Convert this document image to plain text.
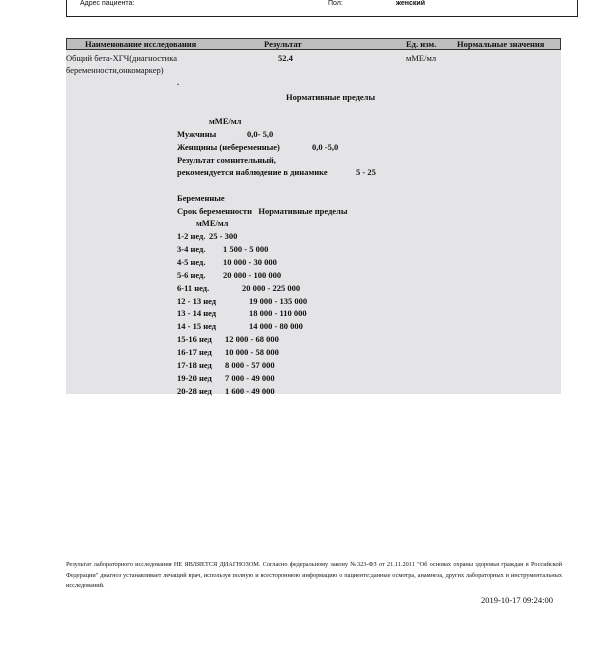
Адрес пациента:	Пол:	женский
Наименование исследования	Результат	Ед. изм. Нормальные значения
Общий бета-ХГЧ(диагностика
беременности,онкомаркер)
52.4	мМЕ/мл
.
Нормативные пределы
мМЕ/мл
Мужчины	0,0- 5,0
Женщины (небеременные)	0,0 -5,0
Результат сомнительный,
рекомендуется наблюдение в динамике	5 - 25
Беременные
Срок беременности   Нормативные пределы
мМЕ/мл
1-2 нед. 25 - 300
3-4 нед. 1 500 - 5 000
4-5 нед. 10 000 - 30 000
5-6 нед. 20 000 - 100 000
6-11 нед.	20 000 - 225 000
12 - 13 нед	19 000 - 135 000
13 - 14 нед	18 000 - 110 000
14 - 15 нед	14 000 - 80 000
15-16 нед 12 000 - 68 000
16-17 нед 10 000 - 58 000
17-18 нед 8 000 - 57 000
19-20 нед 7 000 - 49 000
20-28 нед 1 600 - 49 000
Результат лабораторного исследования НЕ ЯВЛЯЕТСЯ ДИАГНОЗОМ. Согласно федеральному закону №323-ФЗ от 21.11.2011 "Об основах охраны здоровья граждан в Российской Федерации" диагноз устанавливает лечащий врач, используя полную и всестороннюю информацию о пациенте:данные осмотра, анамнеза, других лабораторных и инструментальных исследований.
2019-10-17 09:24:00
